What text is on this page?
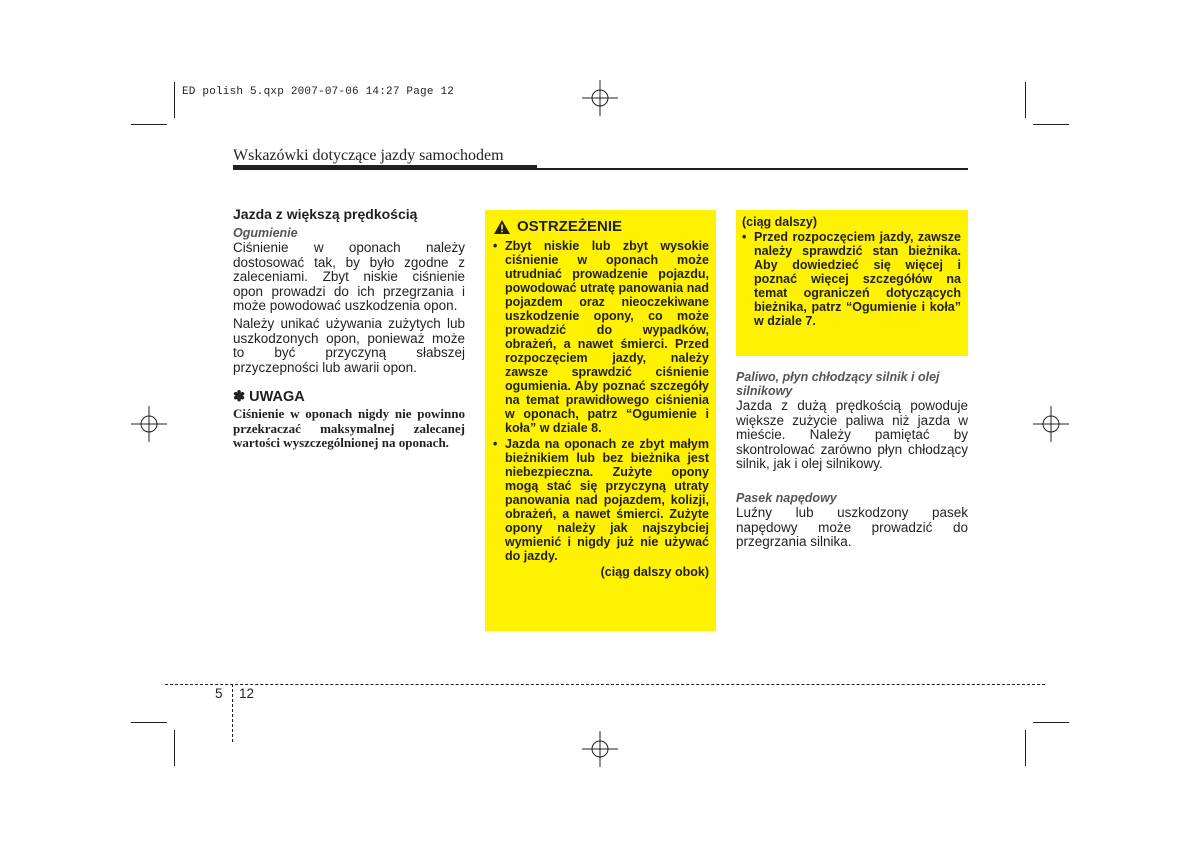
ED polish 5.qxp 2007-07-06 14:27 Page 12
Wskazówki dotyczące jazdy samochodem
Jazda z większą prędkością
Ogumienie

Ciśnienie w oponach należy dostosować tak, by było zgodne z zaleceniami. Zbyt niskie ciśnienie opon prowadzi do ich przegrzania i może powodować uszkodzenia opon.

Należy unikać używania zużytych lub uszkodzonych opon, ponieważ może to być przyczyną słabszej przyczepności lub awarii opon.

✽ UWAGA

Ciśnienie w oponach nigdy nie powinno przekraczać maksymalnej zalecanej wartości wyszczególnionej na oponach.

OSTRZEŻENIE
• Zbyt niskie lub zbyt wysokie ciśnienie w oponach może utrudniać prowadzenie pojazdu, powodować utratę panowania nad pojazdem oraz nieoczekiwane uszkodzenie opony, co może prowadzić do wypadków, obrażeń, a nawet śmierci. Przed rozpoczęciem jazdy, należy zawsze sprawdzić ciśnienie ogumienia. Aby poznać szczegóły na temat prawidłowego ciśnienia w oponach, patrz “Ogumienie i koła” w dziale 8.
• Jazda na oponach ze zbyt małym bieżnikiem lub bez bieżnika jest niebezpieczna. Zużyte opony mogą stać się przyczyną utraty panowania nad pojazdem, kolizji, obrażeń, a nawet śmierci. Zużyte opony należy jak najszybciej wymienić i nigdy już nie używać do jazdy.
(ciąg dalszy obok)
(ciąg dalszy)
• Przed rozpoczęciem jazdy, zawsze należy sprawdzić stan bieżnika. Aby dowiedzieć się więcej i poznać więcej szczegółów na temat ograniczeń dotyczących bieżnika, patrz “Ogumienie i koła” w dziale 7.
Paliwo, płyn chłodzący silnik i olej silnikowy

Jazda z dużą prędkością powoduje większe zużycie paliwa niż jazda w mieście. Należy pamiętać by skontrolować zarówno płyn chłodzący silnik, jak i olej silnikowy.

Pasek napędowy

Luźny lub uszkodzony pasek napędowy może prowadzić do przegrzania silnika.

5 12
